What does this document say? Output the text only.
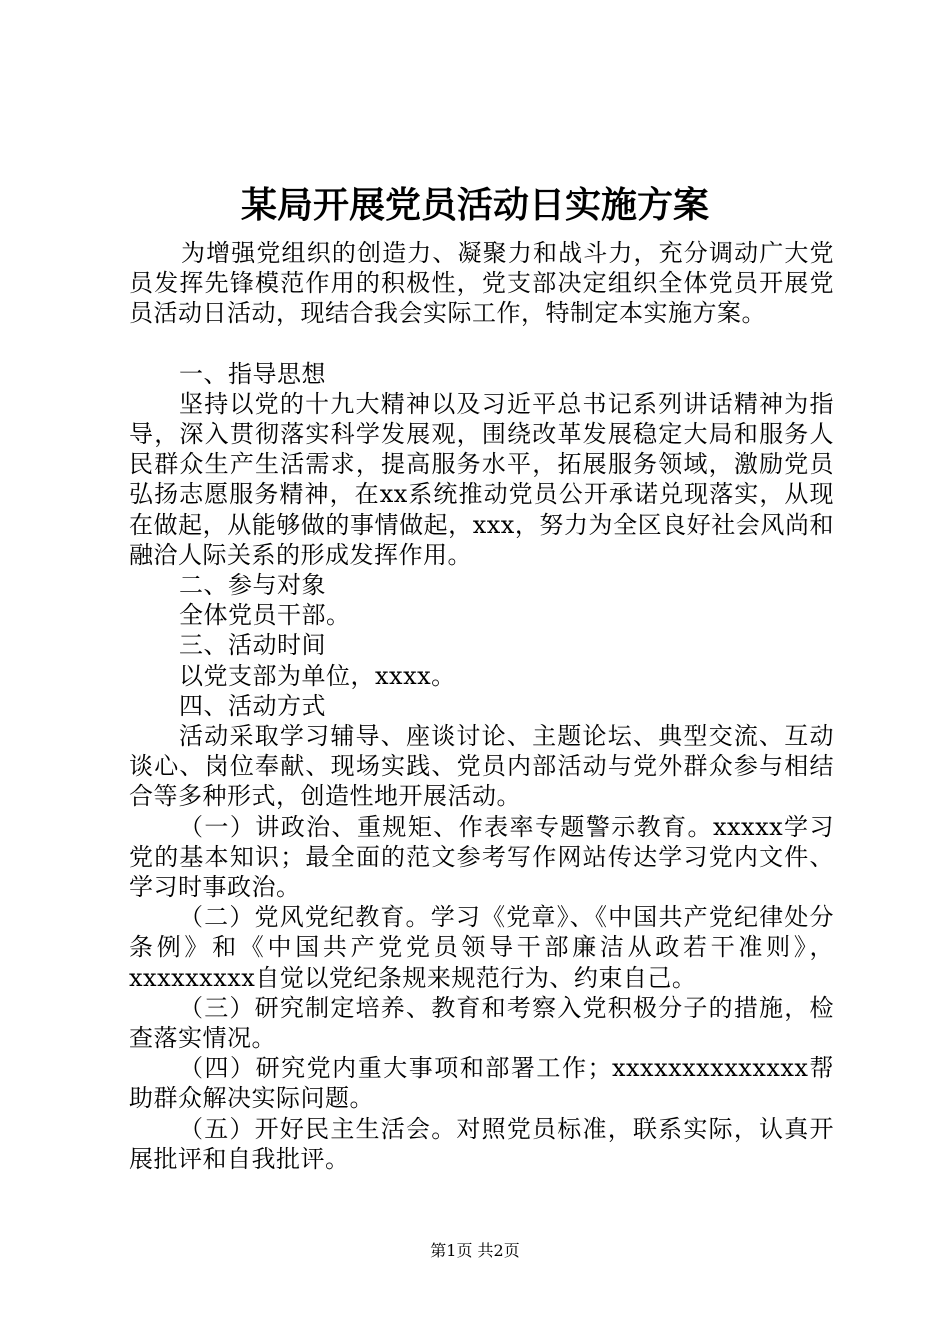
某局开展党员活动日实施方案

为增强党组织的创造力、凝聚力和战斗力，充分调动广大党员发挥先锋模范作用的积极性，党支部决定组织全体党员开展党员活动日活动，现结合我会实际工作，特制定本实施方案。

一、指导思想

坚持以党的十九大精神以及习近平总书记系列讲话精神为指导，深入贯彻落实科学发展观，围绕改革发展稳定大局和服务人民群众生产生活需求，提高服务水平，拓展服务领域，激励党员弘扬志愿服务精神，在xx系统推动党员公开承诺兑现落实，从现在做起，从能够做的事情做起，xxx，努力为全区良好社会风尚和融洽人际关系的形成发挥作用。

二、参与对象

全体党员干部。

三、活动时间

以党支部为单位，xxxx。

四、活动方式

活动采取学习辅导、座谈讨论、主题论坛、典型交流、互动谈心、岗位奉献、现场实践、党员内部活动与党外群众参与相结合等多种形式，创造性地开展活动。

（一）讲政治、重规矩、作表率专题警示教育。xxxxx学习党的基本知识；最全面的范文参考写作网站传达学习党内文件、学习时事政治。

（二）党风党纪教育。学习《党章》、《中国共产党纪律处分条例》和《中国共产党党员领导干部廉洁从政若干准则》，xxxxxxxxx自觉以党纪条规来规范行为、约束自己。

（三）研究制定培养、教育和考察入党积极分子的措施，检查落实情况。

（四）研究党内重大事项和部署工作；xxxxxxxxxxxxxx帮助群众解决实际问题。

（五）开好民主生活会。对照党员标准，联系实际，认真开展批评和自我批评。

第1页 共2页
